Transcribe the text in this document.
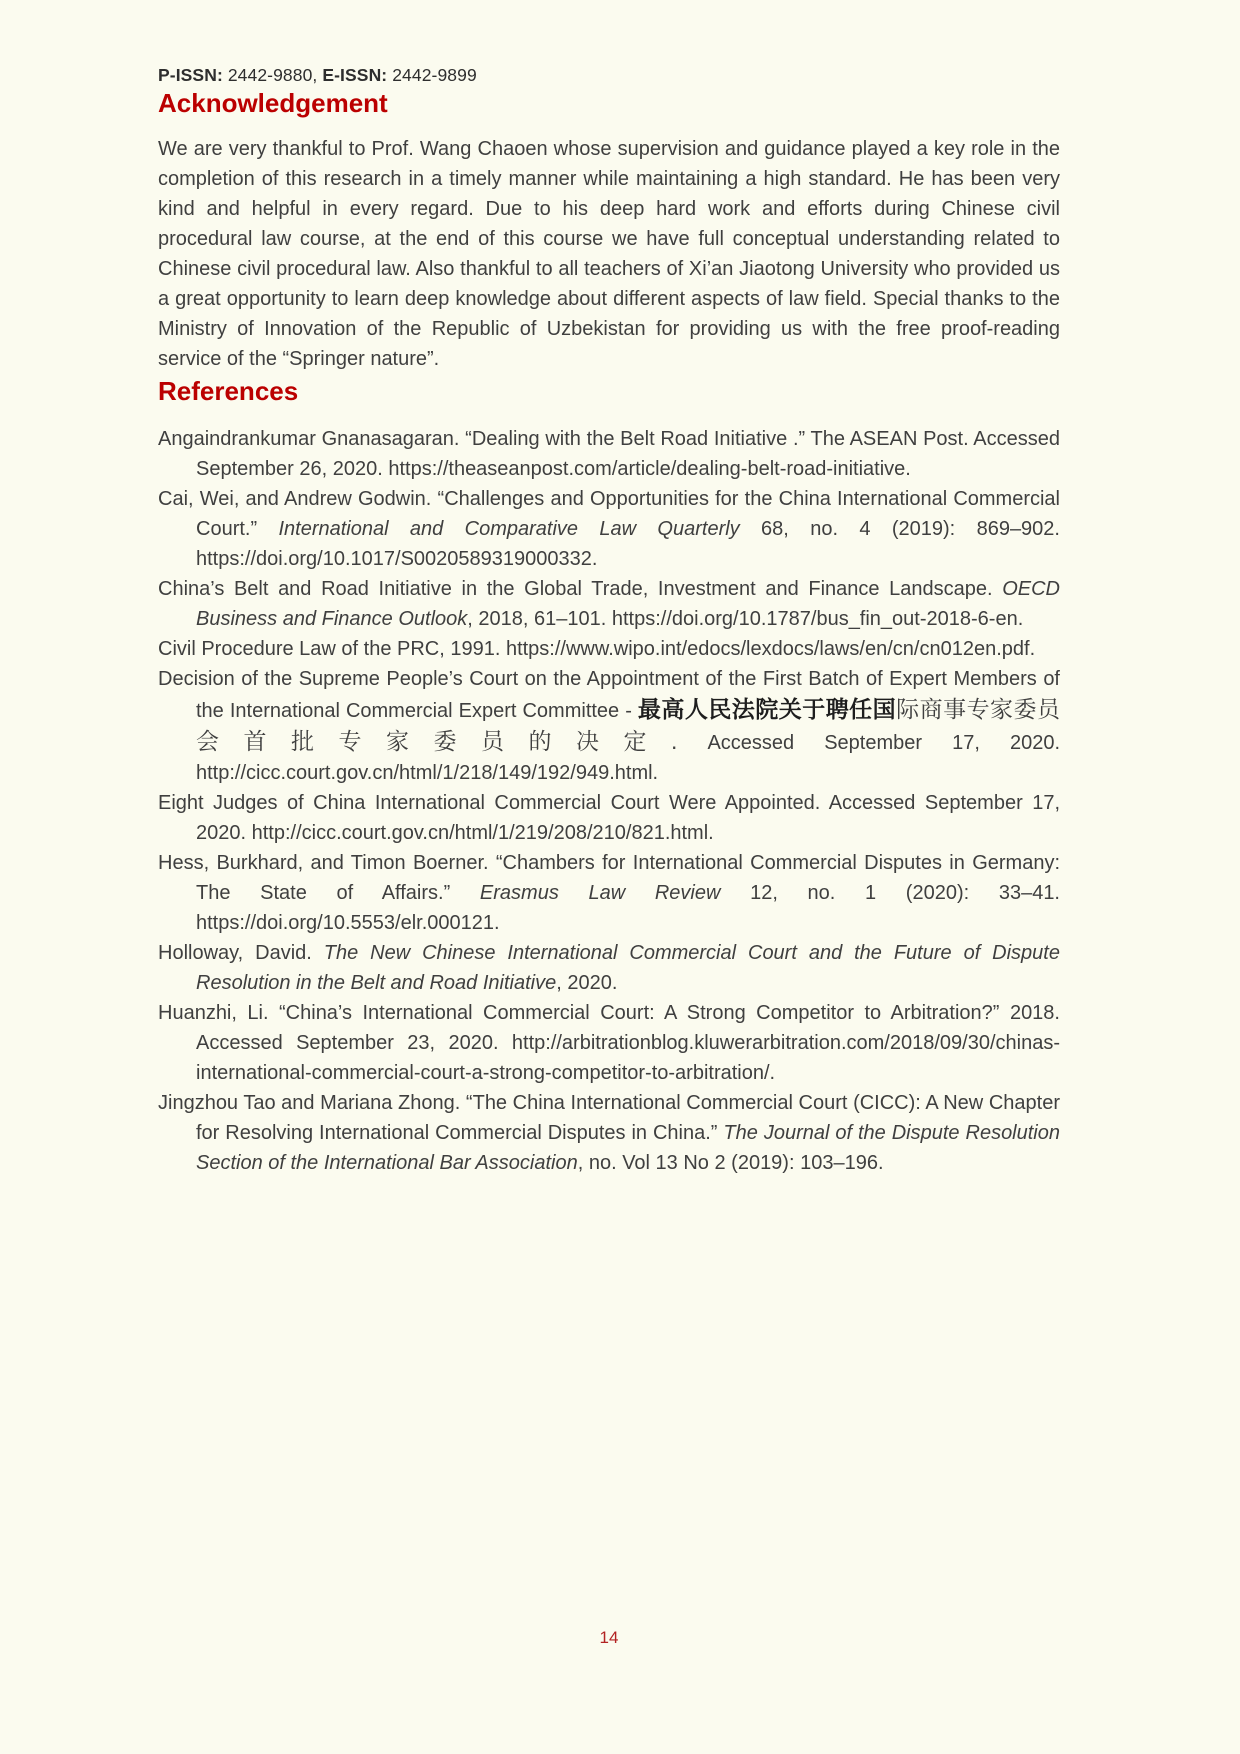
P-ISSN: 2442-9880, E-ISSN: 2442-9899
Acknowledgement

We are very thankful to Prof. Wang Chaoen whose supervision and guidance played a key role in the completion of this research in a timely manner while maintaining a high standard. He has been very kind and helpful in every regard. Due to his deep hard work and efforts during Chinese civil procedural law course, at the end of this course we have full conceptual understanding related to Chinese civil procedural law. Also thankful to all teachers of Xi’an Jiaotong University who provided us a great opportunity to learn deep knowledge about different aspects of law field. Special thanks to the Ministry of Innovation of the Republic of Uzbekistan for providing us with the free proof-reading service of the “Springer nature”.

References

Angaindrankumar Gnanasagaran. “Dealing with the Belt Road Initiative .” The ASEAN Post. Accessed September 26, 2020. https://theaseanpost.com/article/dealing-belt-road-initiative.

Cai, Wei, and Andrew Godwin. “Challenges and Opportunities for the China International Commercial Court.” International and Comparative Law Quarterly 68, no. 4 (2019): 869–902. https://doi.org/10.1017/S0020589319000332.

China’s Belt and Road Initiative in the Global Trade, Investment and Finance Landscape. OECD Business and Finance Outlook, 2018, 61–101. https://doi.org/10.1787/bus_fin_out-2018-6-en.

Civil Procedure Law of the PRC, 1991. https://www.wipo.int/edocs/lexdocs/laws/en/cn/cn012en.pdf.

Decision of the Supreme People’s Court on the Appointment of the First Batch of Expert Members of the International Commercial Expert Committee - 最高人民法院关于聘任国际商事专家委员会首批专家委员的决定. Accessed September 17, 2020. http://cicc.court.gov.cn/html/1/218/149/192/949.html.

Eight Judges of China International Commercial Court Were Appointed. Accessed September 17, 2020. http://cicc.court.gov.cn/html/1/219/208/210/821.html.

Hess, Burkhard, and Timon Boerner. “Chambers for International Commercial Disputes in Germany: The State of Affairs.” Erasmus Law Review 12, no. 1 (2020): 33–41. https://doi.org/10.5553/elr.000121.

Holloway, David. The New Chinese International Commercial Court and the Future of Dispute Resolution in the Belt and Road Initiative, 2020.

Huanzhi, Li. “China’s International Commercial Court: A Strong Competitor to Arbitration?” 2018. Accessed September 23, 2020. http://arbitrationblog.kluwerarbitration.com/2018/09/30/chinas-international-commercial-court-a-strong-competitor-to-arbitration/.

Jingzhou Tao and Mariana Zhong. “The China International Commercial Court (CICC): A New Chapter for Resolving International Commercial Disputes in China.” The Journal of the Dispute Resolution Section of the International Bar Association, no. Vol 13 No 2 (2019): 103–196.

14
